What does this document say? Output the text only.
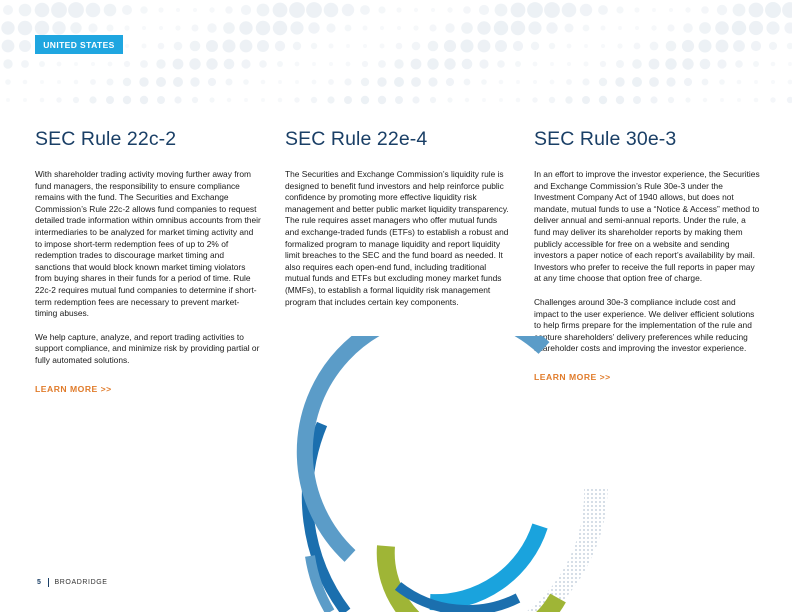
UNITED STATES
SEC Rule 22c-2

With shareholder trading activity moving further away from fund managers, the responsibility to ensure compliance remains with the fund. The Securities and Exchange Commission’s Rule 22c-2 allows fund companies to request detailed trade information within omnibus accounts from their intermediaries to be analyzed for market timing activity and to impose short-term redemption fees of up to 2% of redemption trades to discourage market timing and sanctions that would block known market timing violators from buying shares in their funds for a period of time. Rule 22c-2 requires mutual fund companies to determine if short-term redemption fees are necessary to prevent market-timing abuses.

We help capture, analyze, and report trading activities to support compliance, and minimize risk by providing partial or fully automated solutions.

LEARN MORE >>
SEC Rule 22e-4

The Securities and Exchange Commission’s liquidity rule is designed to benefit fund investors and help reinforce public confidence by promoting more effective liquidity risk management and better public market liquidity transparency. The rule requires asset managers who offer mutual funds and exchange-traded funds (ETFs) to establish a robust and formalized program to manage liquidity and report liquidity limit breaches to the SEC and the fund board as needed. It also requires each open-end fund, including traditional mutual funds and ETFs but excluding money market funds (MMFs), to establish a formal liquidity risk management program that includes certain key components.

SEC Rule 30e-3

In an effort to improve the investor experience, the Securities and Exchange Commission’s Rule 30e-3 under the Investment Company Act of 1940 allows, but does not mandate, mutual funds to use a “Notice & Access” method to deliver annual and semi-annual reports. Under the rule, a fund may deliver its shareholder reports by making them publicly accessible for free on a website and sending investors a paper notice of each report’s availability by mail. Investors who prefer to receive the full reports in paper may at any time choose that option free of charge.

Challenges around 30e-3 compliance include cost and impact to the user experience. We deliver efficient solutions to help firms prepare for the implementation of the rule and capture shareholders’ delivery preferences while reducing shareholder costs and improving the investor experience.

LEARN MORE >>
5 BROADRIDGE
